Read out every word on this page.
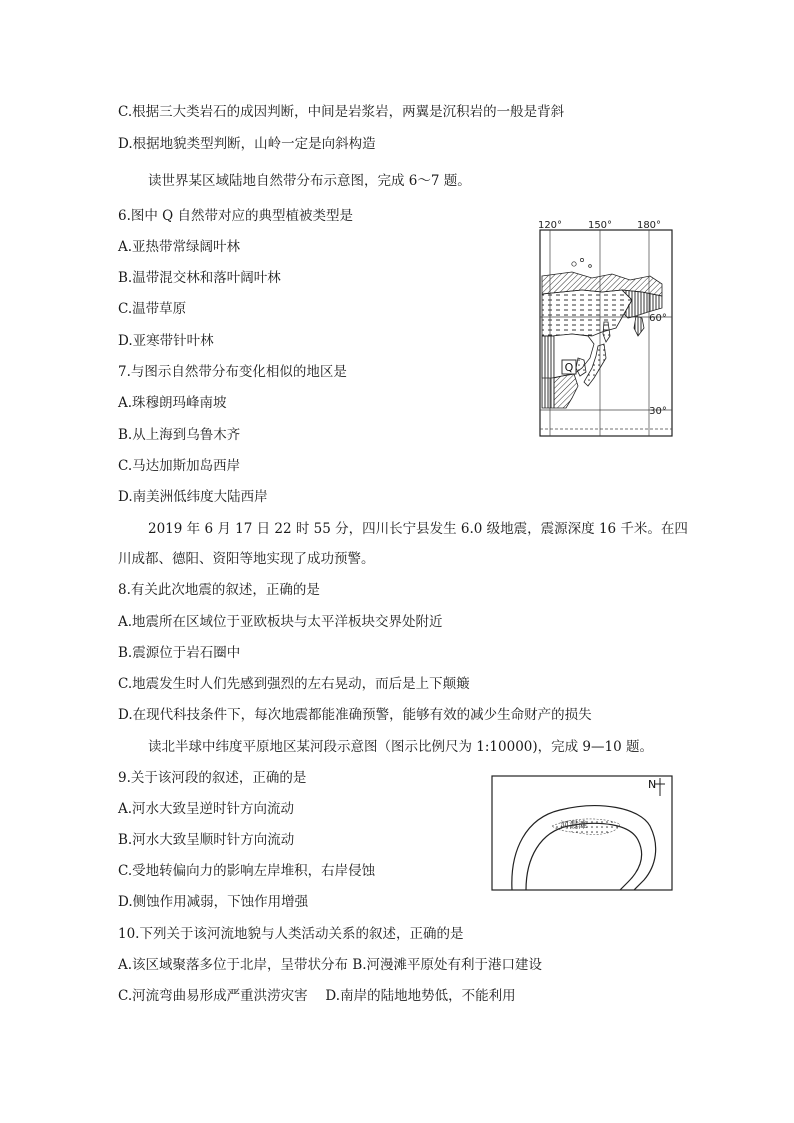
C.根据三大类岩石的成因判断，中间是岩浆岩，两翼是沉积岩的一般是背斜
D.根据地貌类型判断，山岭一定是向斜构造
读世界某区域陆地自然带分布示意图，完成 6～7 题。
6.图中 Q 自然带对应的典型植被类型是
A.亚热带常绿阔叶林
B.温带混交林和落叶阔叶林
C.温带草原
D.亚寒带针叶林
7.与图示自然带分布变化相似的地区是
A.珠穆朗玛峰南坡
B.从上海到乌鲁木齐
C.马达加斯加岛西岸
D.南美洲低纬度大陆西岸
2019 年 6 月 17 日 22 时 55 分，四川长宁县发生 6.0 级地震，震源深度 16 千米。在四
川成都、德阳、资阳等地实现了成功预警。
8.有关此次地震的叙述，正确的是
A.地震所在区域位于亚欧板块与太平洋板块交界处附近
B.震源位于岩石圈中
C.地震发生时人们先感到强烈的左右晃动，而后是上下颠簸
D.在现代科技条件下，每次地震都能准确预警，能够有效的减少生命财产的损失
读北半球中纬度平原地区某河段示意图（图示比例尺为 1:10000)，完成 9—10 题。
9.关于该河段的叙述，正确的是
A.河水大致呈逆时针方向流动
B.河水大致呈顺时针方向流动
C.受地转偏向力的影响左岸堆积，右岸侵蚀
D.侧蚀作用减弱，下蚀作用增强
10.下列关于该河流地貌与人类活动关系的叙述，正确的是
A.该区域聚落多位于北岸，呈带状分布 B.河漫滩平原处有利于港口建设
C.河流弯曲易形成严重洪涝灾害　 D.南岸的陆地地势低，不能利用
Q
120°	150° 180°
60°
30°
N
河漫滩
